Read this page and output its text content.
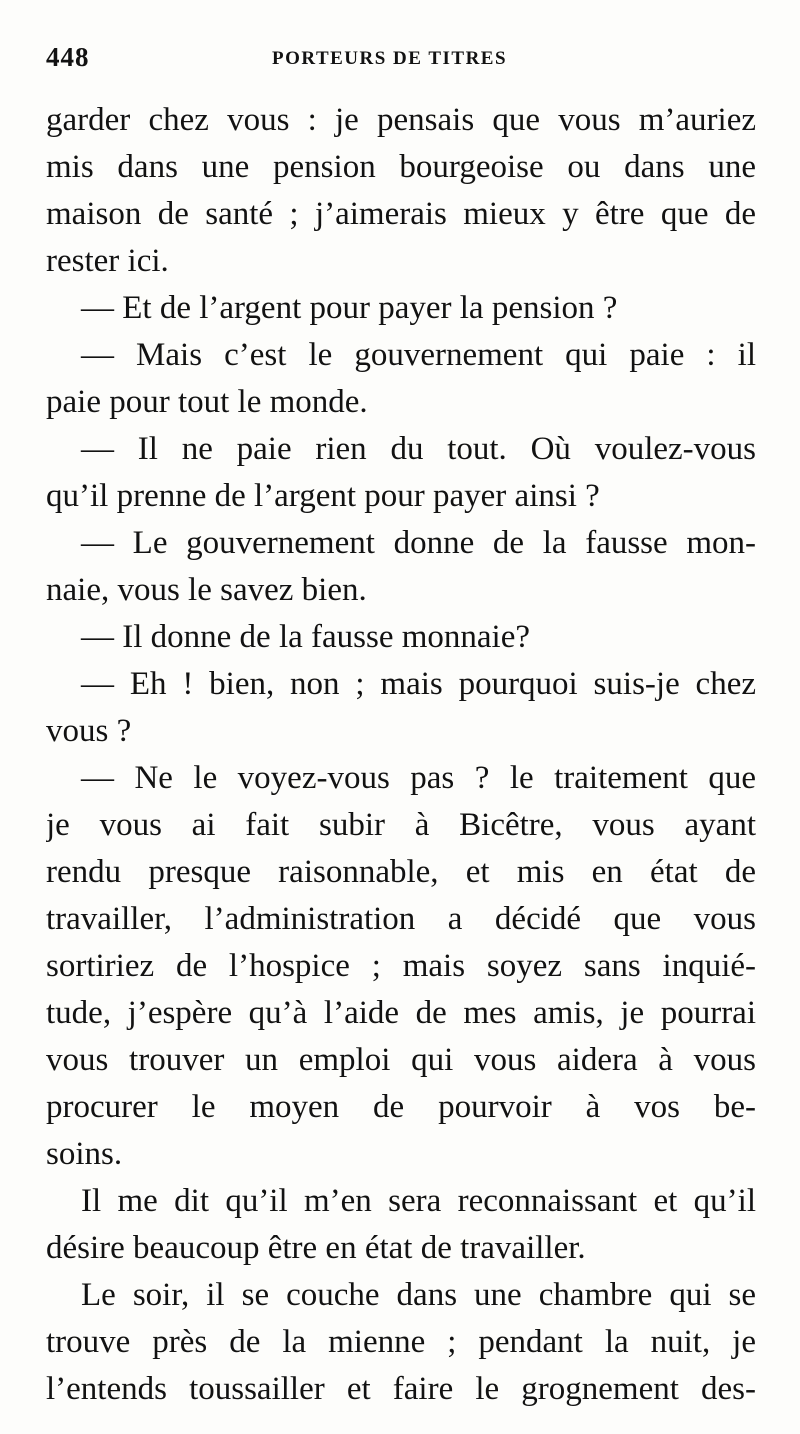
448	PORTEURS DE TITRES
garder chez vous : je pensais que vous m’auriez
mis dans une pension bourgeoise ou dans une
maison de santé ; j’aimerais mieux y être que de
rester ici.
— Et de l’argent pour payer la pension ?
— Mais c’est le gouvernement qui paie : il
paie pour tout le monde.
— Il ne paie rien du tout. Où voulez-vous
qu’il prenne de l’argent pour payer ainsi ?
— Le gouvernement donne de la fausse mon-
naie, vous le savez bien.
— Il donne de la fausse monnaie?
— Eh ! bien, non ; mais pourquoi suis-je chez
vous ?
— Ne le voyez-vous pas ? le traitement que
je vous ai fait subir à Bicêtre, vous ayant
rendu presque raisonnable, et mis en état de
travailler, l’administration a décidé que vous
sortiriez de l’hospice ; mais soyez sans inquié-
tude, j’espère qu’à l’aide de mes amis, je pourrai
vous trouver un emploi qui vous aidera à vous
procurer le moyen de pourvoir à vos be-
soins.
Il me dit qu’il m’en sera reconnaissant et qu’il
désire beaucoup être en état de travailler.
Le soir, il se couche dans une chambre qui se
trouve près de la mienne ; pendant la nuit, je
l’entends toussailler et faire le grognement des-
